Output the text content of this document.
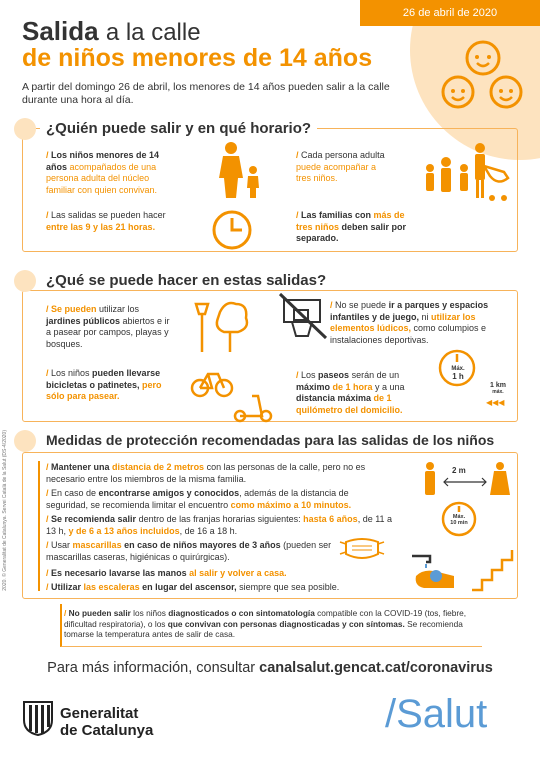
26 de abril de 2020
Salida a la calle
de niños menores de 14 años
A partir del domingo 26 de abril, los menores de 14 años pueden salir a la calle durante una hora al día.
¿Quién puede salir y en qué horario?
/ Los niños menores de 14 años acompañados de una persona adulta del núcleo familiar con quien convivan.
/ Las salidas se pueden hacer entre las 9 y las 21 horas.
/ Cada persona adulta puede acompañar a tres niños.
/ Las familias con más de tres niños deben salir por separado.
¿Qué se puede hacer en estas salidas?
/ Se pueden utilizar los jardines públicos abiertos e ir a pasear por campos, playas y bosques.
/ Los niños pueden llevarse bicicletas o patinetes, pero sólo para pasear.
/ No se puede ir a parques y espacios infantiles y de juego, ni utilizar los elementos lúdicos, como columpios e instalaciones deportivas.
/ Los paseos serán de un máximo de 1 hora y a una distancia máxima de 1 quilómetro del domicilio.
Máx.
1 h
1 km
máx.
◀◀◀
Medidas de protección recomendadas para las salidas de los niños
/ Mantener una distancia de 2 metros con las personas de la calle, pero no es necesario entre los miembros de la misma familia.
/ En caso de encontrarse amigos y conocidos, además de la distancia de seguridad, se recomienda limitar el encuentro como máximo a 10 minutos.
/ Se recomienda salir dentro de las franjas horarias siguientes: hasta 6 años, de 11 a 13 h, y de 6 a 13 años incluidos, de 16 a 18 h.
/ Usar mascarillas en caso de niños mayores de 3 años (pueden ser mascarillas caseras, higiénicas o quirúrgicas).
/ Es necesario lavarse las manos al salir y volver a casa.
/ Utilizar las escaleras en lugar del ascensor, siempre que sea posible.
2 m
Máx.
10 min
/ No pueden salir los niños diagnosticados o con sintomatología compatible con la COVID-19 (tos, fiebre, dificultad respiratoria), o los que convivan con personas diagnosticadas y con síntomas. Se recomienda tomarse la temperatura antes de salir de casa.
Para más información, consultar canalsalut.gencat.cat/coronavirus
Generalitat
de Catalunya	/Salut
2020. © Generalitat de Catalunya. Servei Català de la Salut (DS-4/2020)
